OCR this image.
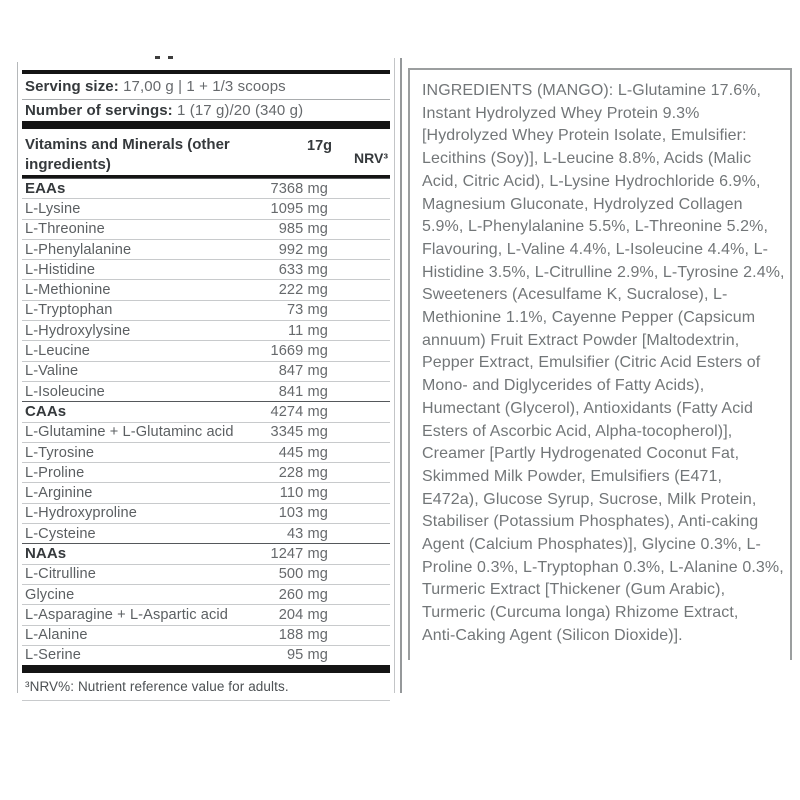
Serving size: 17,00 g | 1 + 1/3 scoops
Number of servings: 1 (17 g)/20 (340 g)
Vitamins and Minerals (other ingredients)
17g
NRV³
EAAs	7368 mg
L-Lysine	1095 mg
L-Threonine	985 mg
L-Phenylalanine	992 mg
L-Histidine	633 mg
L-Methionine	222 mg
L-Tryptophan	73 mg
L-Hydroxylysine	11 mg
L-Leucine	1669 mg
L-Valine	847 mg
L-Isoleucine	841 mg
CAAs	4274 mg
L-Glutamine + L-Glutaminc acid	3345 mg
L-Tyrosine	445 mg
L-Proline	228 mg
L-Arginine	110 mg
L-Hydroxyproline	103 mg
L-Cysteine	43 mg
NAAs	1247 mg
L-Citrulline	500 mg
Glycine	260 mg
L-Asparagine + L-Aspartic acid	204 mg
L-Alanine	188 mg
L-Serine	95 mg
³NRV%: Nutrient reference value for adults.
INGREDIENTS (MANGO): L-Glutamine 17.6%,
Instant Hydrolyzed Whey Protein 9.3%
[Hydrolyzed Whey Protein Isolate, Emulsifier:
Lecithins (Soy)], L-Leucine 8.8%, Acids (Malic
Acid, Citric Acid), L-Lysine Hydrochloride 6.9%,
Magnesium Gluconate, Hydrolyzed Collagen
5.9%, L-Phenylalanine 5.5%, L-Threonine 5.2%,
Flavouring, L-Valine 4.4%, L-Isoleucine 4.4%, L-
Histidine 3.5%, L-Citrulline 2.9%, L-Tyrosine 2.4%,
Sweeteners (Acesulfame K, Sucralose), L-
Methionine 1.1%, Cayenne Pepper (Capsicum
annuum) Fruit Extract Powder [Maltodextrin,
Pepper Extract, Emulsifier (Citric Acid Esters of
Mono- and Diglycerides of Fatty Acids),
Humectant (Glycerol), Antioxidants (Fatty Acid
Esters of Ascorbic Acid, Alpha-tocopherol)],
Creamer [Partly Hydrogenated Coconut Fat,
Skimmed Milk Powder, Emulsifiers (E471,
E472a), Glucose Syrup, Sucrose, Milk Protein,
Stabiliser (Potassium Phosphates), Anti-caking
Agent (Calcium Phosphates)], Glycine 0.3%, L-
Proline 0.3%, L-Tryptophan 0.3%, L-Alanine 0.3%,
Turmeric Extract [Thickener (Gum Arabic),
Turmeric (Curcuma longa) Rhizome Extract,
Anti-Caking Agent (Silicon Dioxide)].
